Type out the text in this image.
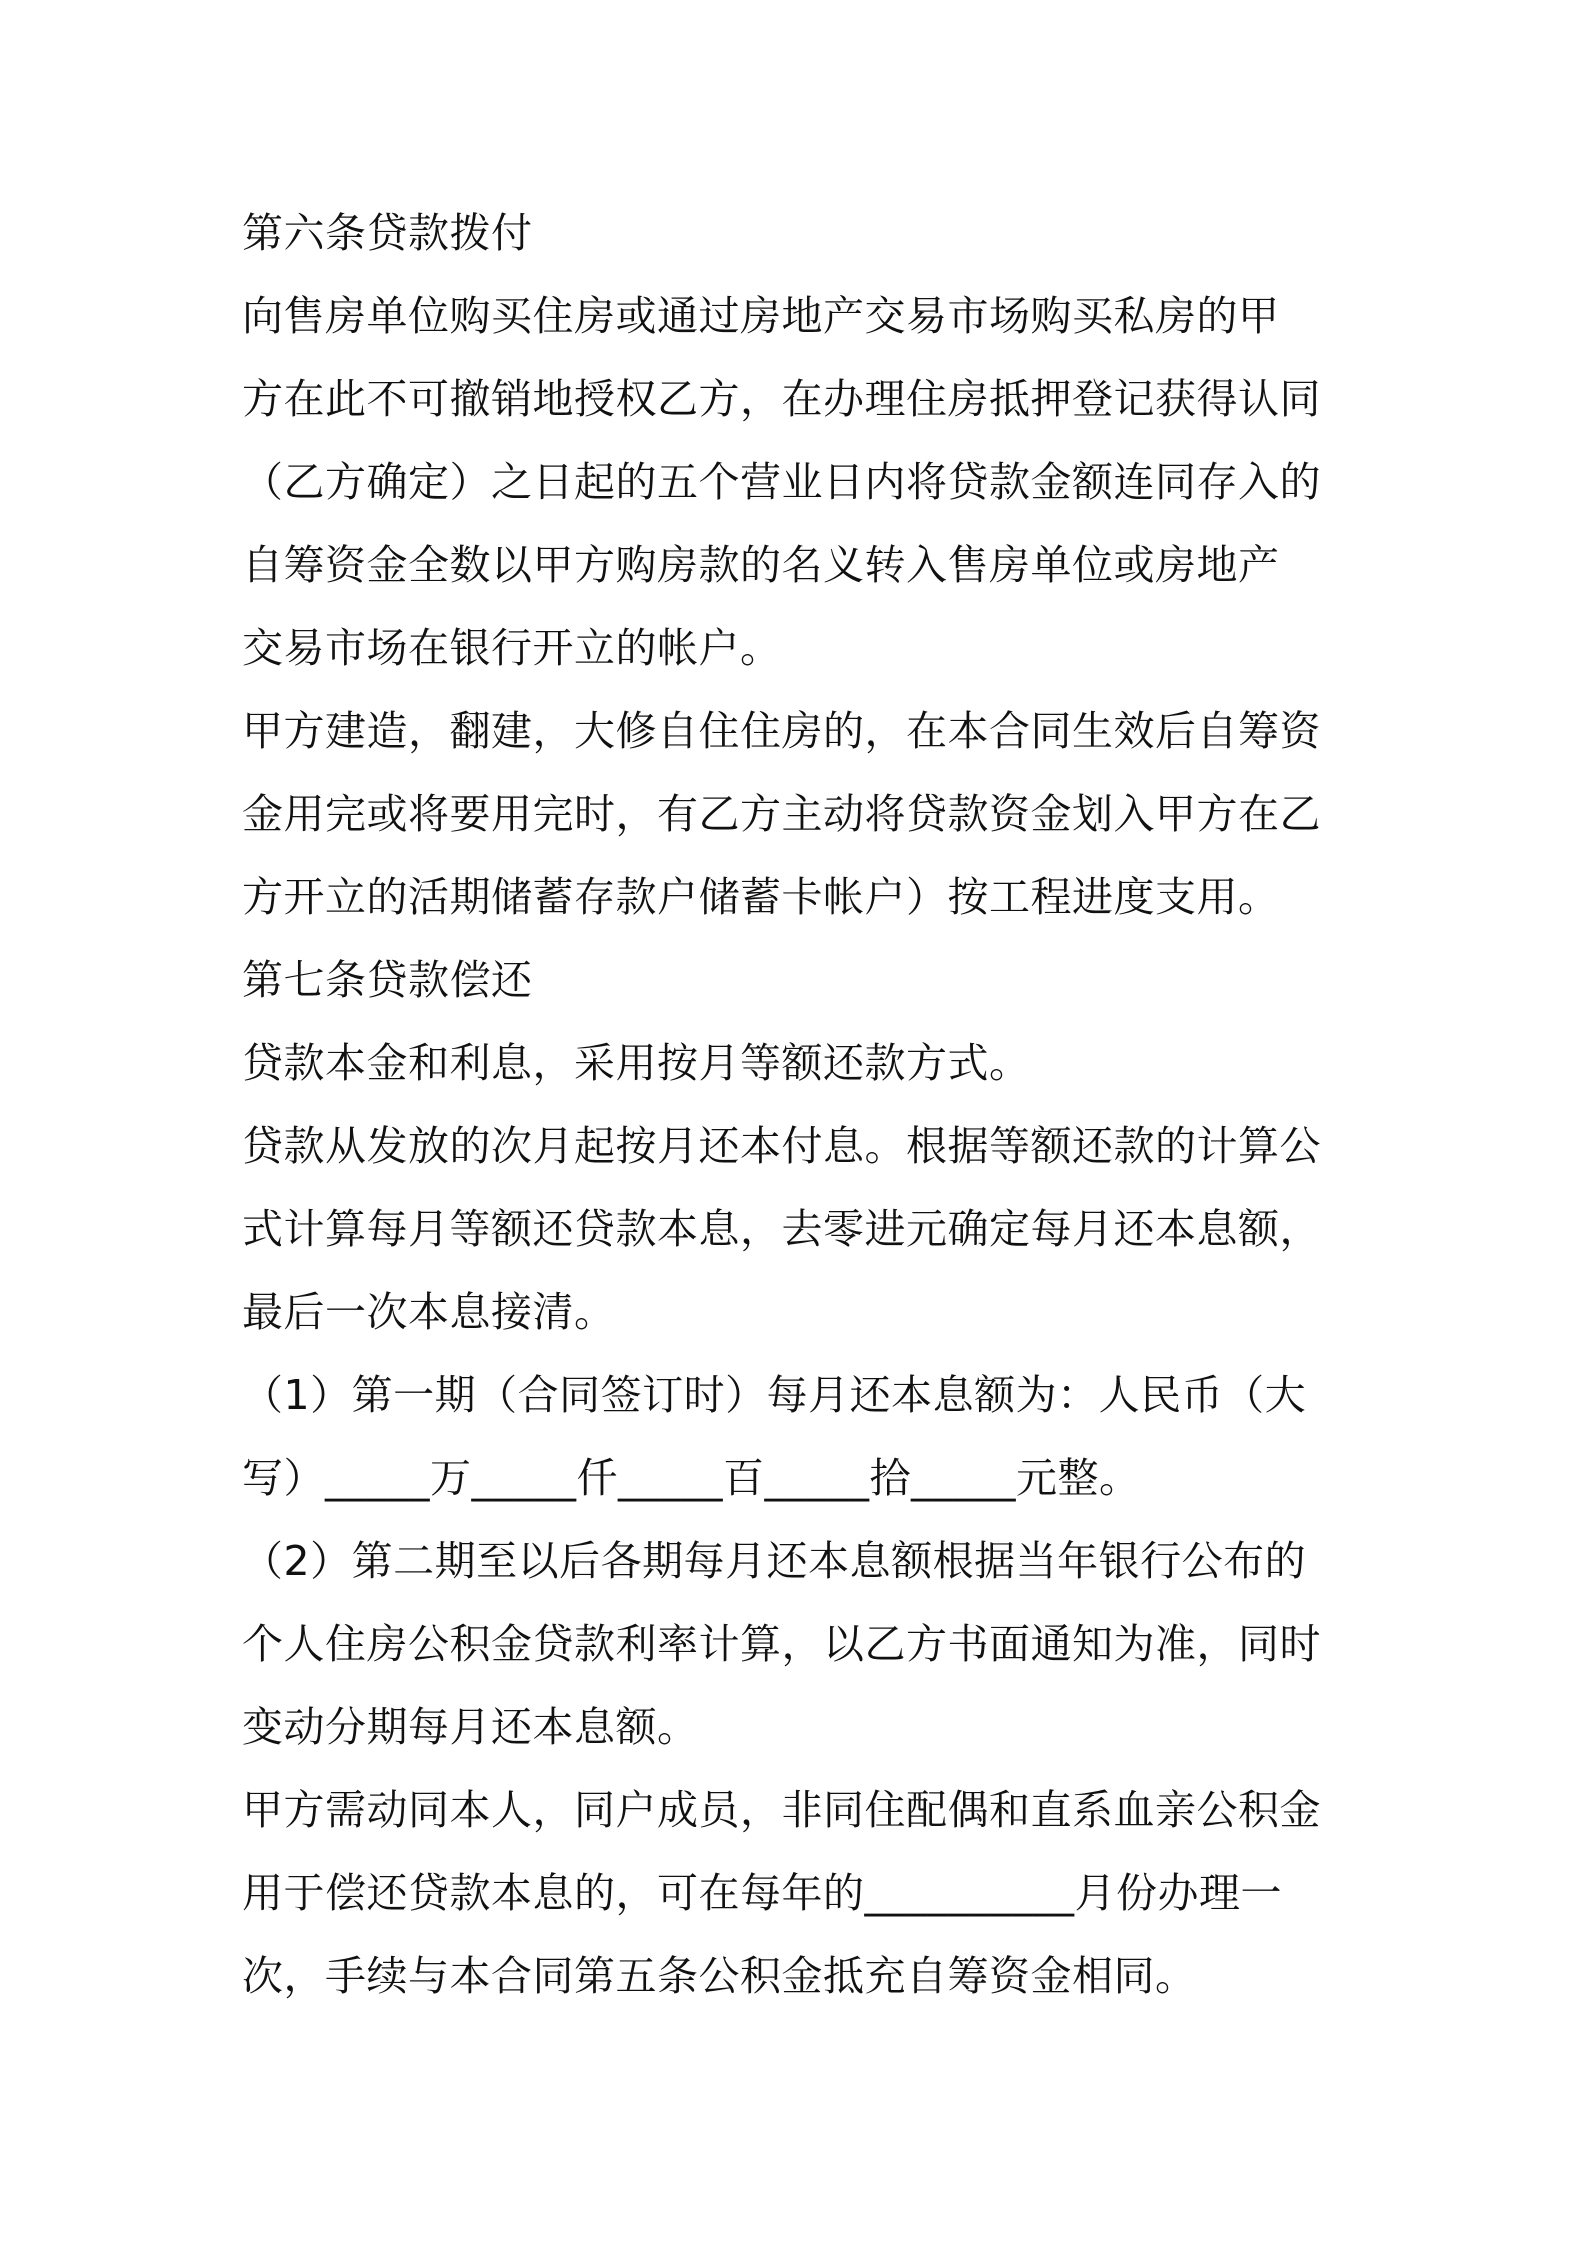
第六条贷款拨付
向售房单位购买住房或通过房地产交易市场购买私房的甲
方在此不可撤销地授权乙方，在办理住房抵押登记获得认同
（乙方确定）之日起的五个营业日内将贷款金额连同存入的
自筹资金全数以甲方购房款的名义转入售房单位或房地产
交易市场在银行开立的帐户。
甲方建造，翻建，大修自住住房的，在本合同生效后自筹资
金用完或将要用完时，有乙方主动将贷款资金划入甲方在乙
方开立的活期储蓄存款户储蓄卡帐户）按工程进度支用。
第七条贷款偿还
贷款本金和利息，采用按月等额还款方式。
贷款从发放的次月起按月还本付息。根据等额还款的计算公
式计算每月等额还贷款本息，去零进元确定每月还本息额，
最后一次本息接清。
（1）第一期（合同签订时）每月还本息额为：人民币（大
写）_____万_____仟_____百_____拾_____元整。
（2）第二期至以后各期每月还本息额根据当年银行公布的
个人住房公积金贷款利率计算，以乙方书面通知为准，同时
变动分期每月还本息额。
甲方需动同本人，同户成员，非同住配偶和直系血亲公积金
用于偿还贷款本息的，可在每年的__________月份办理一
次，手续与本合同第五条公积金抵充自筹资金相同。
